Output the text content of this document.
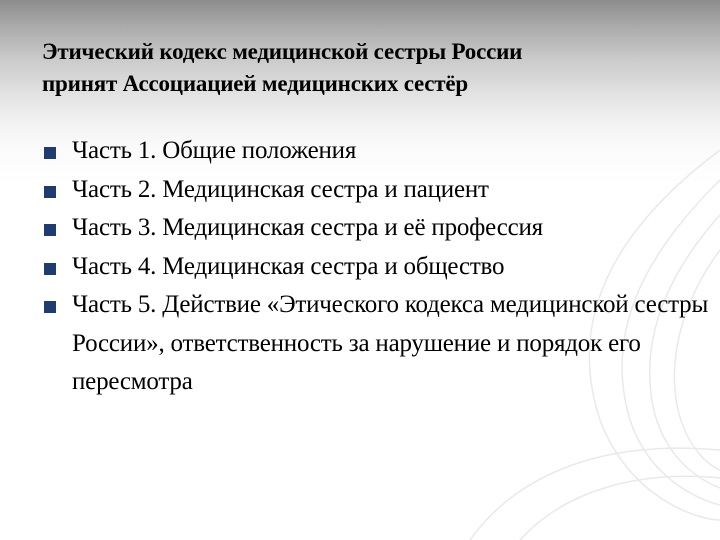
Этический кодекс медицинской сестры России
принят Ассоциацией медицинских сестёр
Часть 1. Общие положения
Часть 2. Медицинская сестра и пациент
Часть 3. Медицинская сестра и её профессия
Часть 4. Медицинская сестра и общество
Часть 5. Действие «Этического кодекса медицинской сестры России», ответственность за нарушение и порядок его пересмотра
